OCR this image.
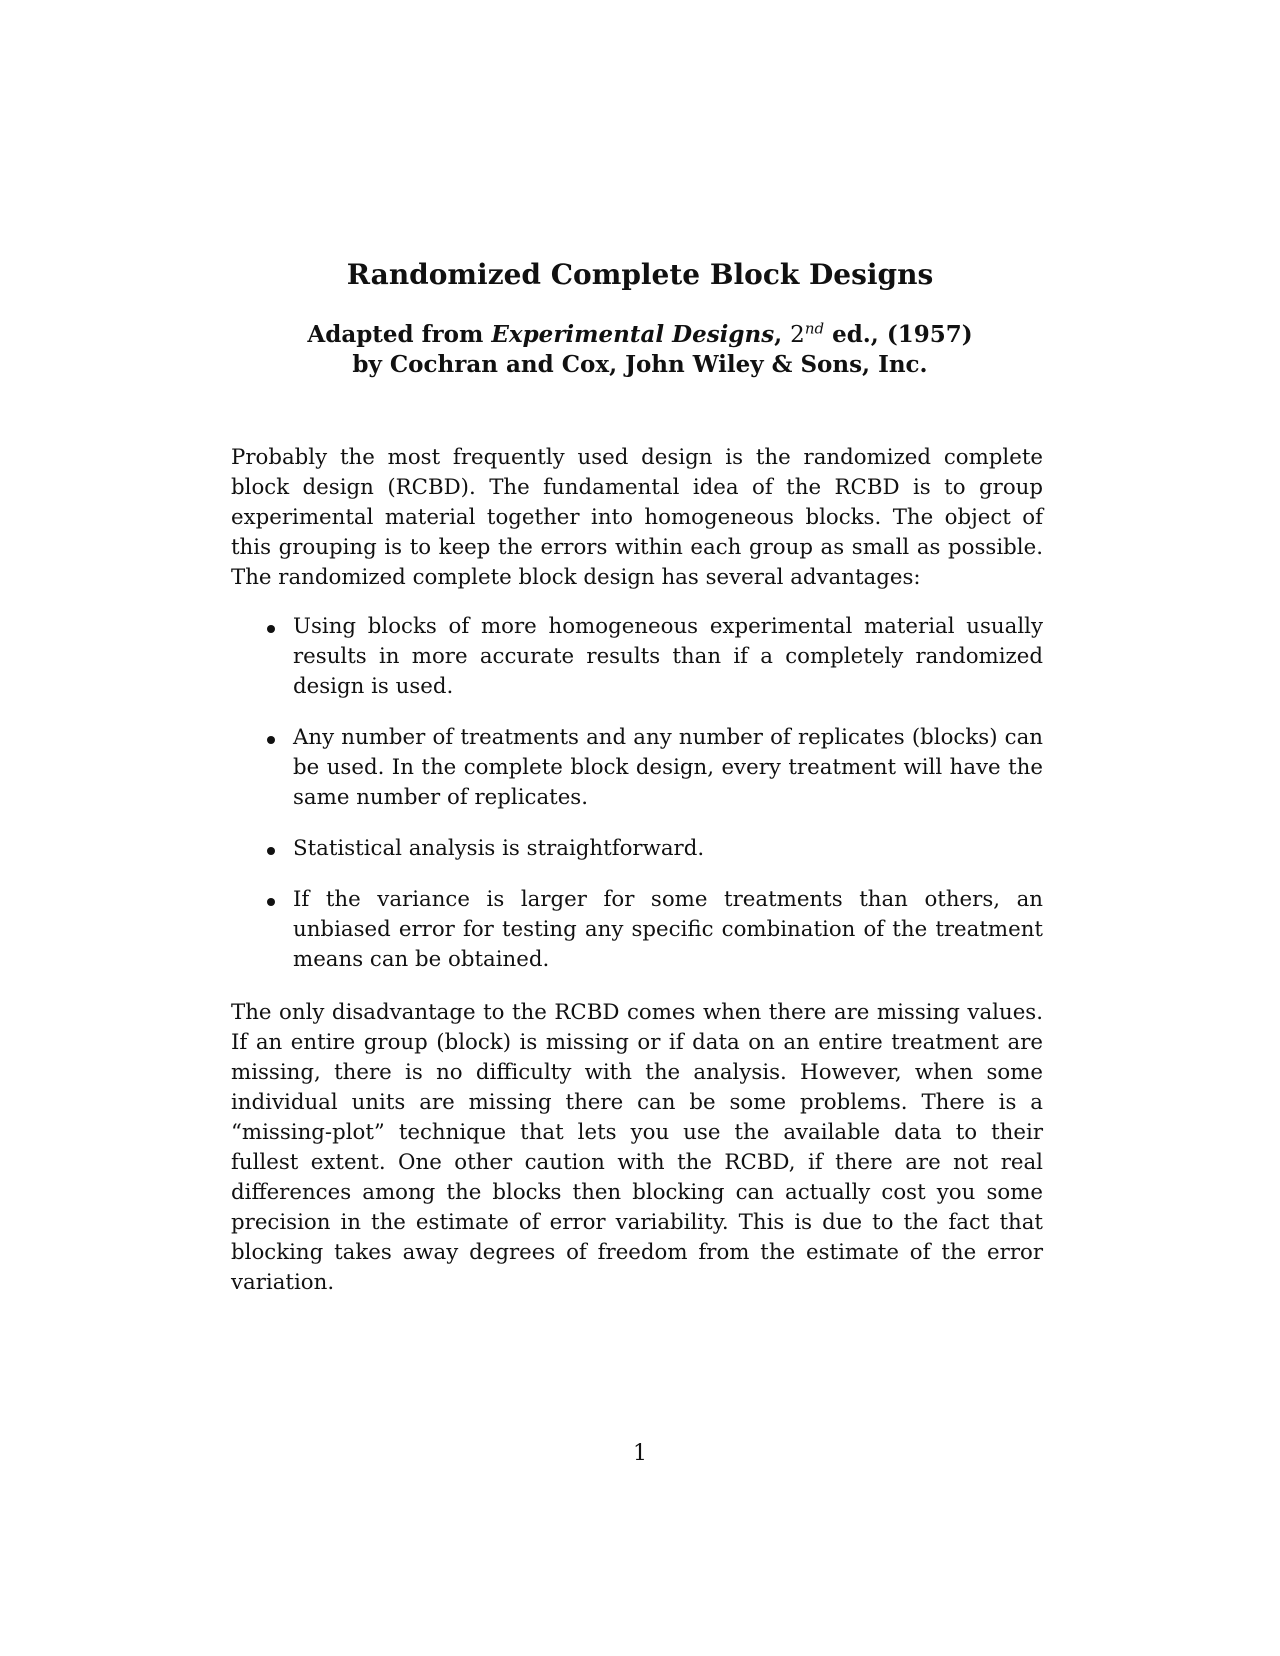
Randomized Complete Block Designs
Adapted from Experimental Designs, 2nd ed., (1957)
by Cochran and Cox, John Wiley & Sons, Inc.

Probably the most frequently used design is the randomized complete block design (RCBD). The fundamental idea of the RCBD is to group experimental material together into homogeneous blocks. The object of this grouping is to keep the errors within each group as small as possible. The randomized complete block design has several advantages:

Using blocks of more homogeneous experimental material usually results in more accurate results than if a completely randomized design is used.
Any number of treatments and any number of replicates (blocks) can be used. In the complete block design, every treatment will have the same number of replicates.
Statistical analysis is straightforward.
If the variance is larger for some treatments than others, an unbiased error for testing any specific combination of the treatment means can be obtained.

The only disadvantage to the RCBD comes when there are missing values. If an entire group (block) is missing or if data on an entire treatment are missing, there is no difficulty with the analysis. However, when some individual units are missing there can be some problems. There is a “missing-plot” technique that lets you use the available data to their fullest extent. One other caution with the RCBD, if there are not real differences among the blocks then blocking can actually cost you some precision in the estimate of error variability. This is due to the fact that blocking takes away degrees of freedom from the estimate of the error variation.

1
